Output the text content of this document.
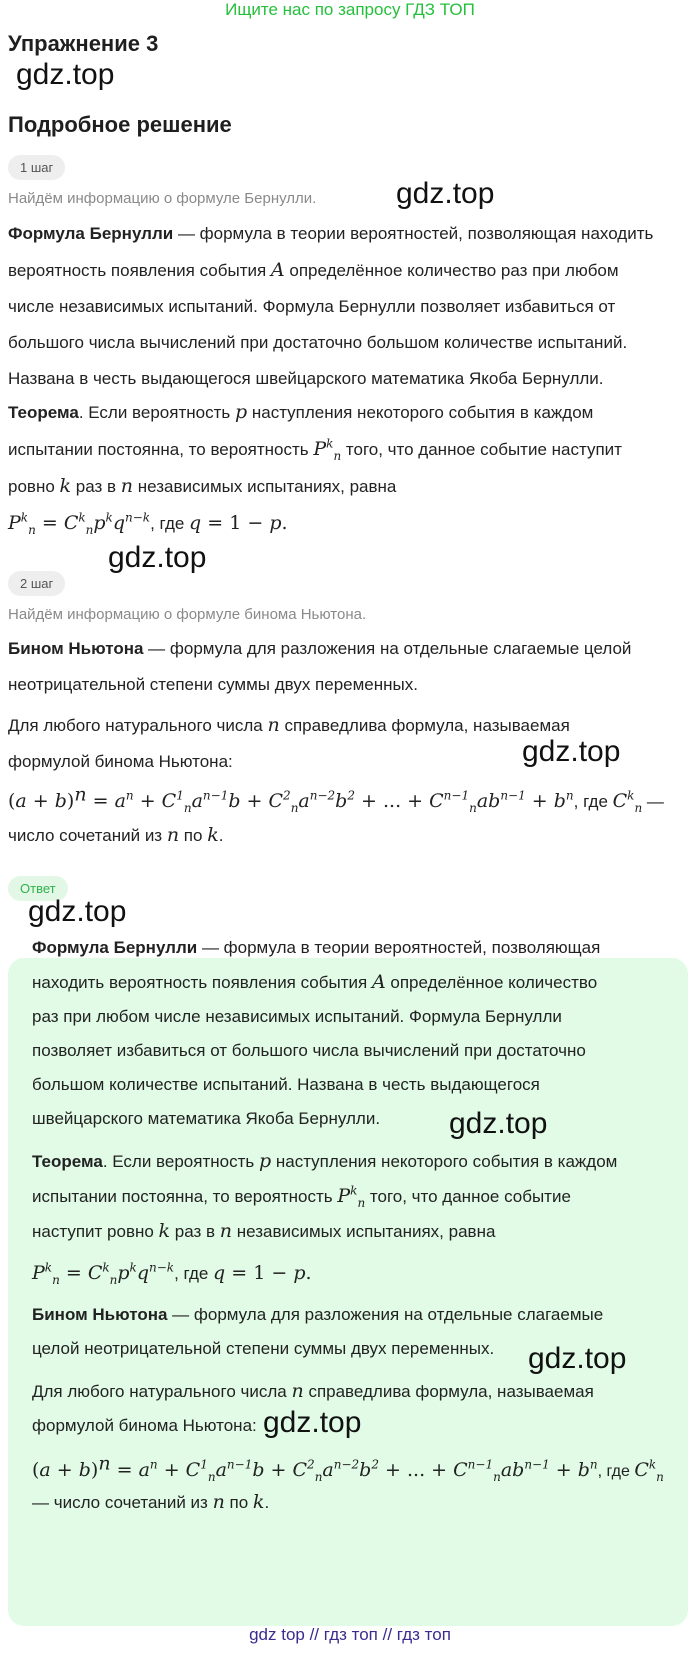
Ищите нас по запросу ГДЗ ТОП
Упражнение 3
gdz.top
Подробное решение
1 шаг
Найдём информацию о формуле Бернулли.	gdz.top
Формула Бернулли — формула в теории вероятностей, позволяющая находить
вероятность появления события A определённое количество раз при любом
числе независимых испытаний. Формула Бернулли позволяет избавиться от
большого числа вычислений при достаточно большом количестве испытаний.
Названа в честь выдающегося швейцарского математика Якоба Бернулли.
Теорема. Если вероятность p наступления некоторого события в каждом
испытании постоянна, то вероятность $P^k_n$ того, что данное событие наступит
ровно k раз в n независимых испытаниях, равна
$P^k_n = C^k_np^kq^{n-k}$, где q = 1 − p.
gdz.top
2 шаг
Найдём информацию о формуле бинома Ньютона.
Бином Ньютона — формула для разложения на отдельные слагаемые целой
неотрицательной степени суммы двух переменных.
Для любого натурального числа n справедлива формула, называемая
формулой бинома Ньютона:	gdz.top
$(a + b)^n = a^n + C^1_na^{n-1}b + C^2_na^{n-2}b^2$ + ... + $C^{n-1}_nab^{n-1} + b^n$, где $C^k_n$ —
число сочетаний из n по k.
Ответ
gdz.top
Формула Бернулли — формула в теории вероятностей, позволяющая
находить вероятность появления события A определённое количество
раз при любом числе независимых испытаний. Формула Бернулли
позволяет избавиться от большого числа вычислений при достаточно
большом количестве испытаний. Названа в честь выдающегося
швейцарского математика Якоба Бернулли.
Теорема. Если вероятность p наступления некоторого события в каждом
испытании постоянна, то вероятность $P^k_n$ того, что данное событие
наступит ровно k раз в n независимых испытаниях, равна
$P^k_n = C^k_np^kq^{n-k}$, где q = 1 − p.
Бином Ньютона — формула для разложения на отдельные слагаемые
целой неотрицательной степени суммы двух переменных.
Для любого натурального числа n справедлива формула, называемая
формулой бинома Ньютона:
$(a + b)^n = a^n + C^1_na^{n-1}b + C^2_na^{n-2}b^2$ + ... + $C^{n-1}_nab^{n-1} + b^n$, где $C^k_n$
— число сочетаний из n по k.
gdz.top
gdz.top
gdz.top
gdz top // гдз топ // гдз топ
